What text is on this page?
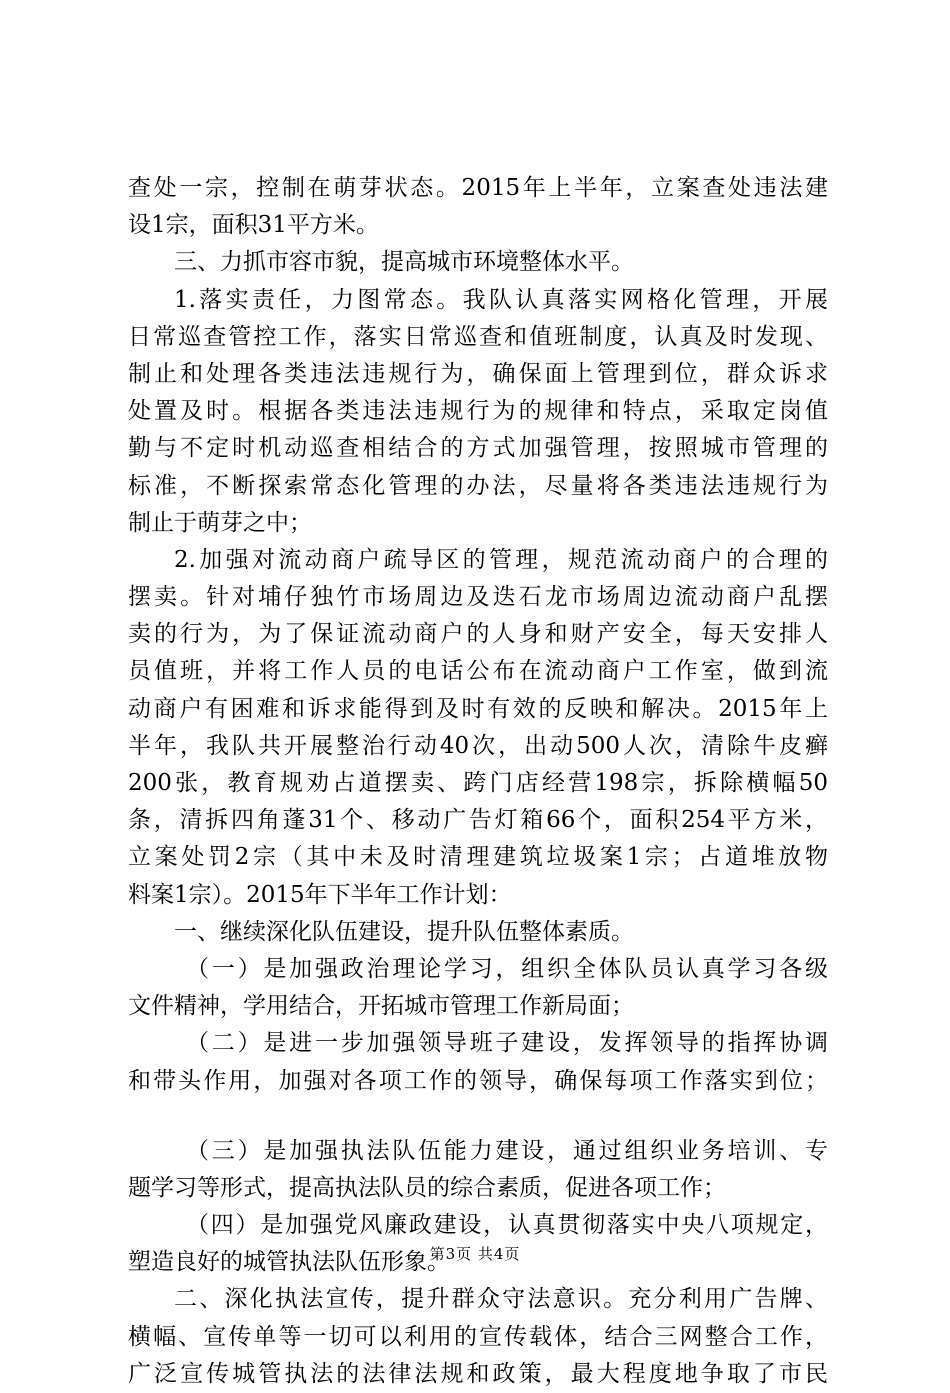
查处一宗，控制在萌芽状态。2015年上半年，立案查处违法建
设1宗，面积31平方米。
三、力抓市容市貌，提高城市环境整体水平。
1.落实责任，力图常态。我队认真落实网格化管理，开展
日常巡查管控工作，落实日常巡查和值班制度，认真及时发现、
制止和处理各类违法违规行为，确保面上管理到位，群众诉求
处置及时。根据各类违法违规行为的规律和特点，采取定岗值
勤与不定时机动巡查相结合的方式加强管理，按照城市管理的
标准，不断探索常态化管理的办法，尽量将各类违法违规行为
制止于萌芽之中；
2.加强对流动商户疏导区的管理，规范流动商户的合理的
摆卖。针对埔仔独竹市场周边及迭石龙市场周边流动商户乱摆
卖的行为，为了保证流动商户的人身和财产安全，每天安排人
员值班，并将工作人员的电话公布在流动商户工作室，做到流
动商户有困难和诉求能得到及时有效的反映和解决。2015年上
半年，我队共开展整治行动40次，出动500人次，清除牛皮癣
200张，教育规劝占道摆卖、跨门店经营198宗，拆除横幅50
条，清拆四角蓬31个、移动广告灯箱66个，面积254平方米，
立案处罚2宗（其中未及时清理建筑垃圾案1宗；占道堆放物
料案1宗）。2015年下半年工作计划：
一、继续深化队伍建设，提升队伍整体素质。
（一）是加强政治理论学习，组织全体队员认真学习各级
文件精神，学用结合，开拓城市管理工作新局面；
（二）是进一步加强领导班子建设，发挥领导的指挥协调
和带头作用，加强对各项工作的领导，确保每项工作落实到位；
（三）是加强执法队伍能力建设，通过组织业务培训、专
题学习等形式，提高执法队员的综合素质，促进各项工作；
（四）是加强党风廉政建设，认真贯彻落实中央八项规定，
塑造良好的城管执法队伍形象。
二、深化执法宣传，提升群众守法意识。充分利用广告牌、
横幅、宣传单等一切可以利用的宣传载体，结合三网整合工作，
广泛宣传城管执法的法律法规和政策，最大程度地争取了市民
第3页 共4页
